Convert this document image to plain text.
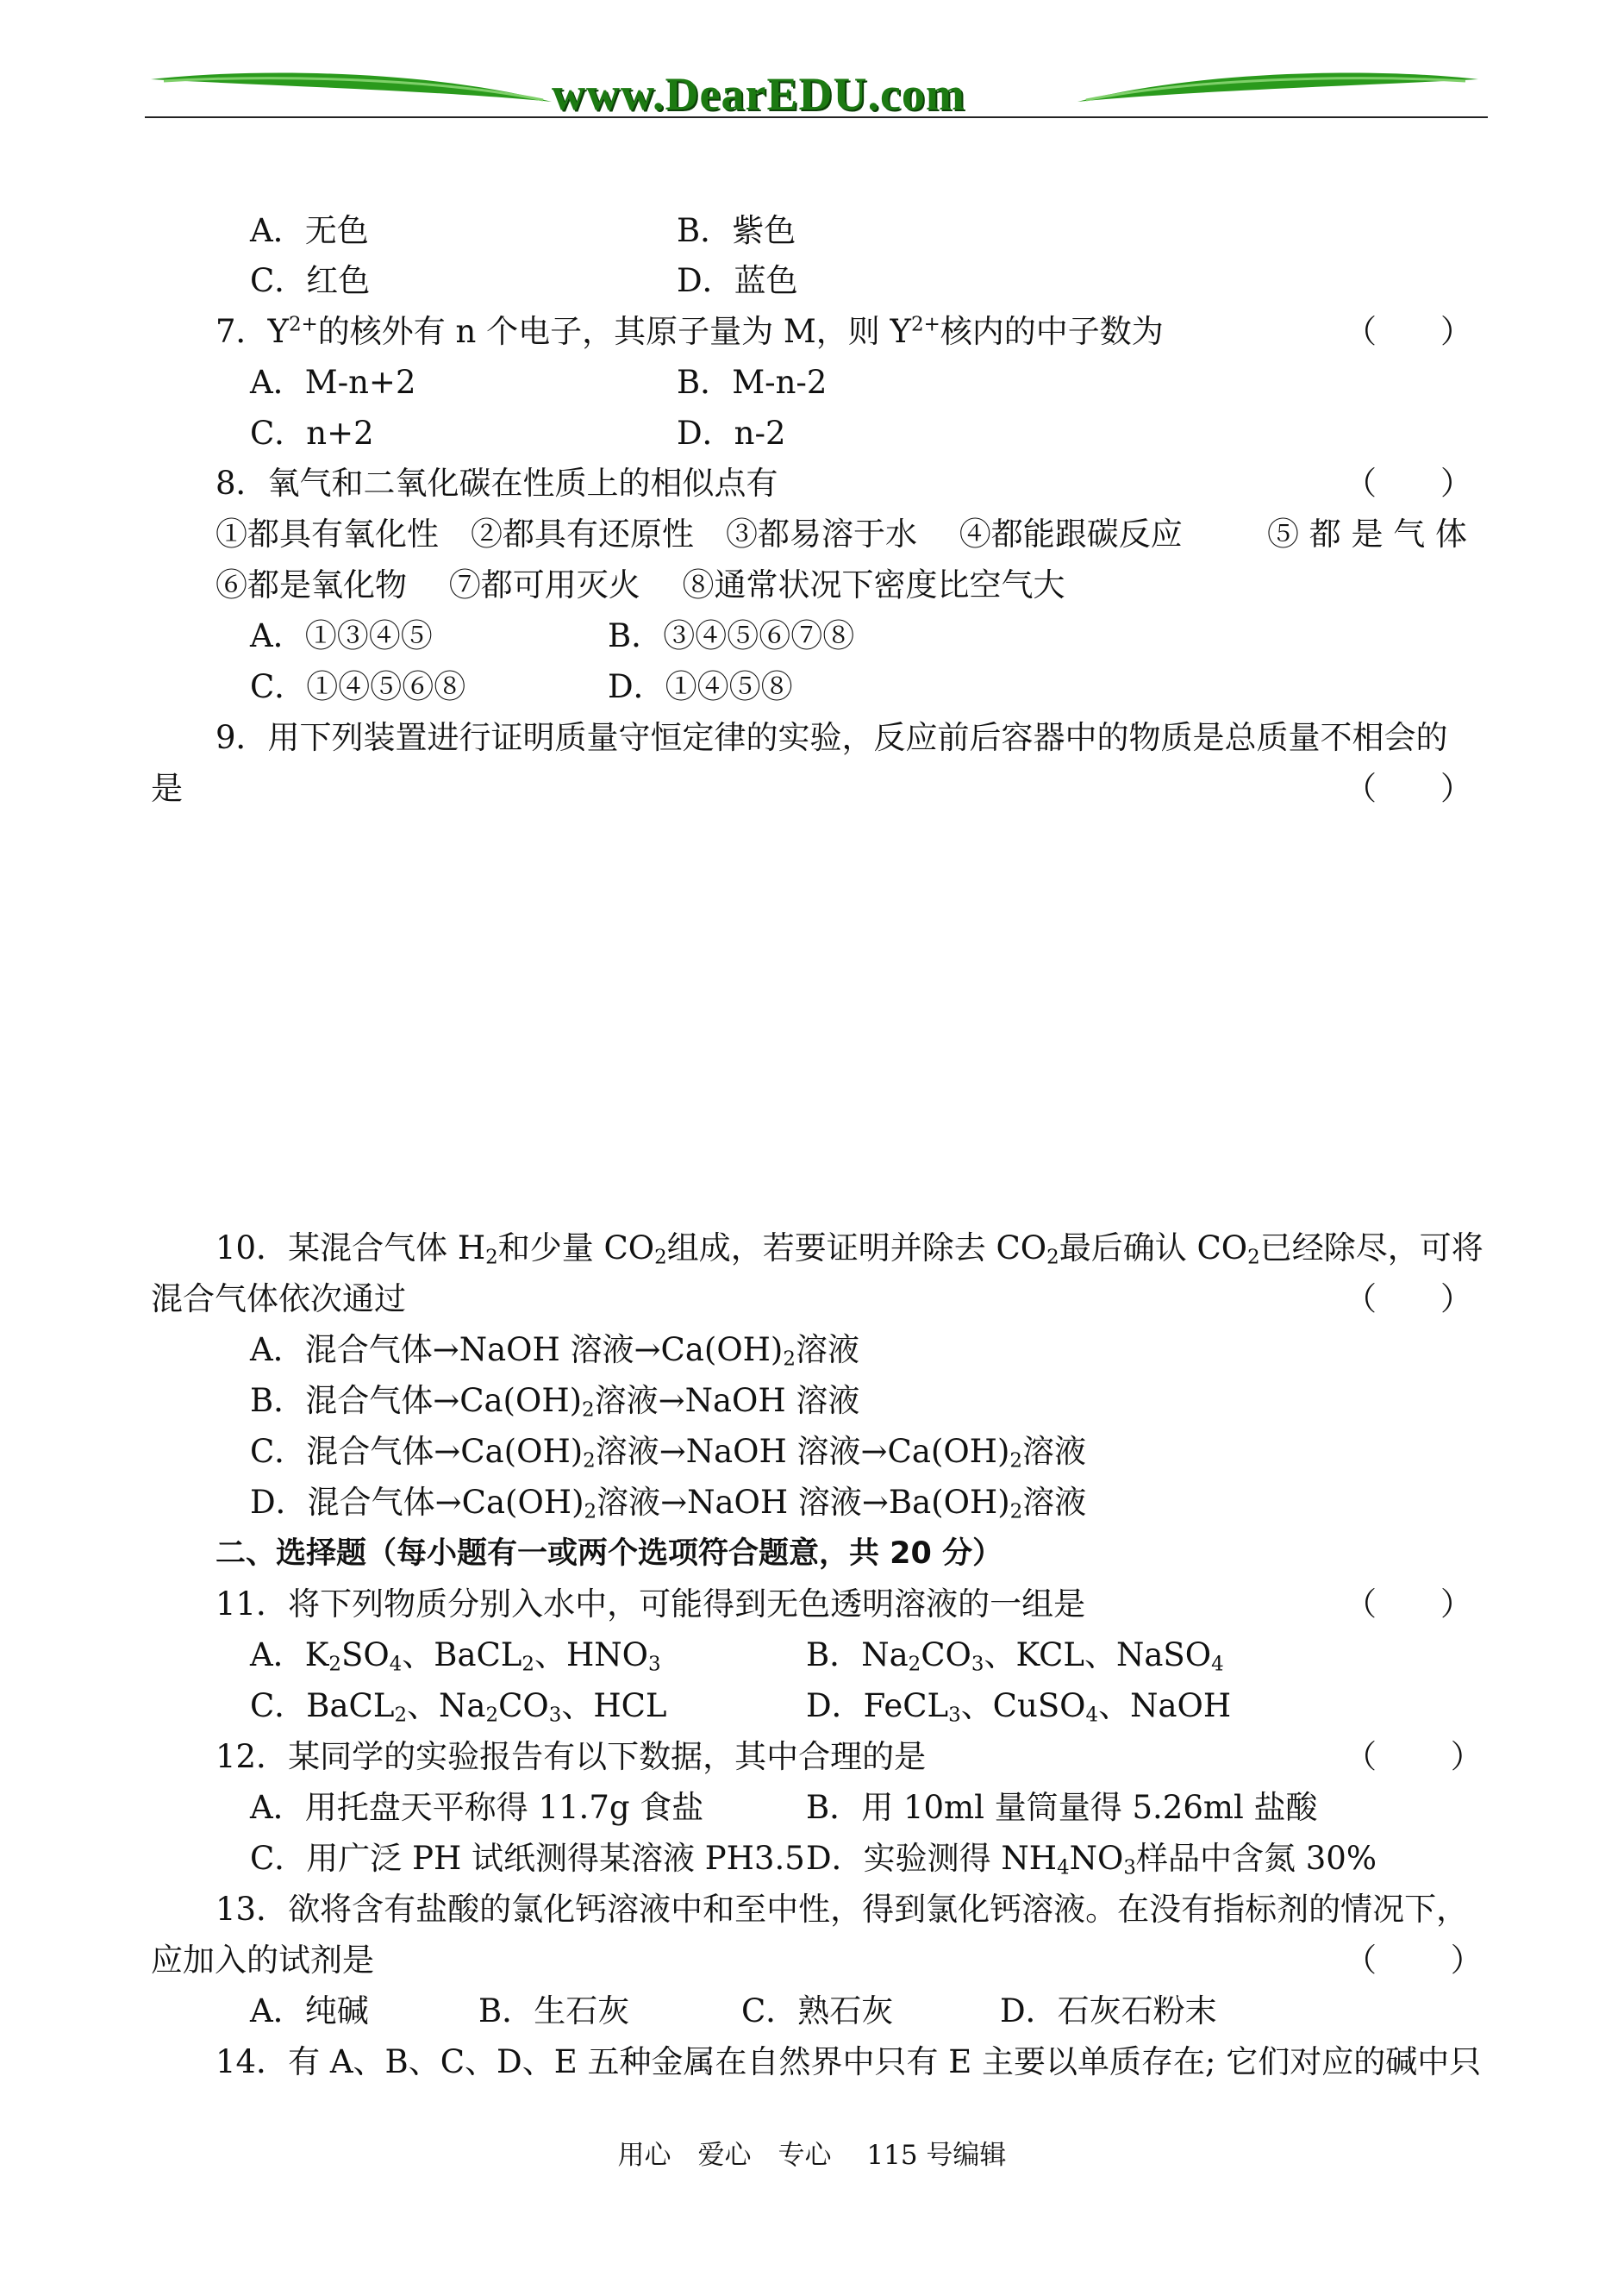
www.DearEDU.com
A．无色	B．紫色
C．红色	D．蓝色
7．$Y^{2+}$的核外有 n 个电子，其原子量为 M，则 $Y^{2+}$核内的中子数为	（　　）
A．M-n+2	B．M-n-2
C．n+2	D．n-2
8．氧气和二氧化碳在性质上的相似点有	（　　）
①都具有氧化性　②都具有还原性　③都易溶于水　 ④都能跟碳反应	⑤ 都 是 气 体
⑥都是氧化物　 ⑦都可用灭火　 ⑧通常状况下密度比空气大
A．①③④⑤	B．③④⑤⑥⑦⑧
C．①④⑤⑥⑧	D．①④⑤⑧
9．用下列装置进行证明质量守恒定律的实验，反应前后容器中的物质是总质量不相会的
是	（　　）
10．某混合气体 $H_2$和少量 $CO_2$组成，若要证明并除去 $CO_2$最后确认 $CO_2$已经除尽，可将
混合气体依次通过	（　　）
A．混合气体→NaOH 溶液$\to Ca(OH)_2$溶液
B．混合气体$\to Ca(OH)_2$溶液→NaOH 溶液
C．混合气体$\to Ca(OH)_2$溶液→NaOH 溶液$\to Ca(OH)_2$溶液
D．混合气体$\to Ca(OH)_2$溶液→NaOH 溶液$\to Ba(OH)_2$溶液
二、选择题（每小题有一或两个选项符合题意，共 20 分）
11．将下列物质分别入水中，可能得到无色透明溶液的一组是	（　　）
A．$K_2SO_4$、BaCL$_2$、$HNO_3$	B．$Na_2CO_3$、KCL、NaSO$_4$
C．BaCL$_2$、$Na_2CO_3$、HCL	D．FeCL$_3$、CuSO$_4$、NaOH
12．某同学的实验报告有以下数据，其中合理的是	（　　 ）
A．用托盘天平称得 11.7g 食盐	B．用 10ml 量筒量得 5.26ml 盐酸
C．用广泛 PH 试纸测得某溶液 PH3.5 D．实验测得 $NH_4NO_3$样品中含氮 30%
13．欲将含有盐酸的氯化钙溶液中和至中性，得到氯化钙溶液。在没有指标剂的情况下，
应加入的试剂是	（　　 ）
A．纯碱	B．生石灰	C．熟石灰	D．石灰石粉末
14．有 A、B、C、D、E 五种金属在自然界中只有 E 主要以单质存在; 它们对应的碱中只
用心　爱心　专心　 115 号编辑
